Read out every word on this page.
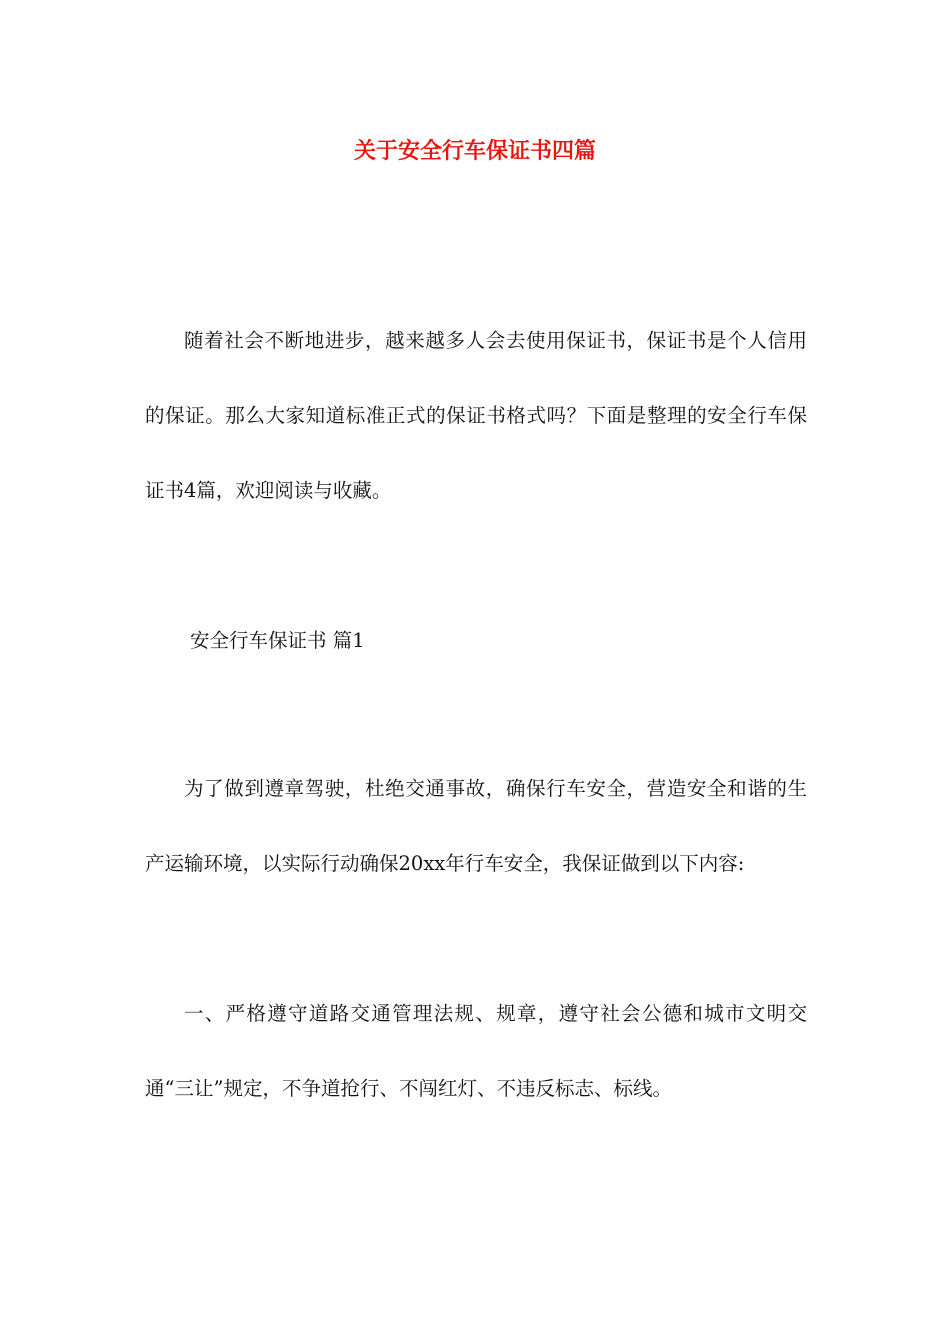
关于安全行车保证书四篇

随着社会不断地进步，越来越多人会去使用保证书，保证书是个人信用的保证。那么大家知道标准正式的保证书格式吗？下面是整理的安全行车保证书4篇，欢迎阅读与收藏。

安全行车保证书 篇1

为了做到遵章驾驶，杜绝交通事故，确保行车安全，营造安全和谐的生产运输环境，以实际行动确保20xx年行车安全，我保证做到以下内容:

一、严格遵守道路交通管理法规、规章，遵守社会公德和城市文明交通“三让”规定，不争道抢行、不闯红灯、不违反标志、标线。
